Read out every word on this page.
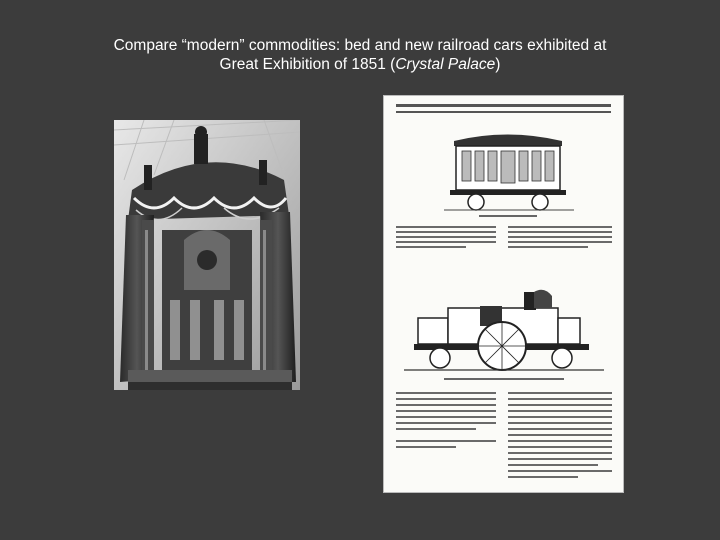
Compare “modern” commodities: bed and new railroad cars exhibited at
Great Exhibition of 1851 (Crystal Palace)
